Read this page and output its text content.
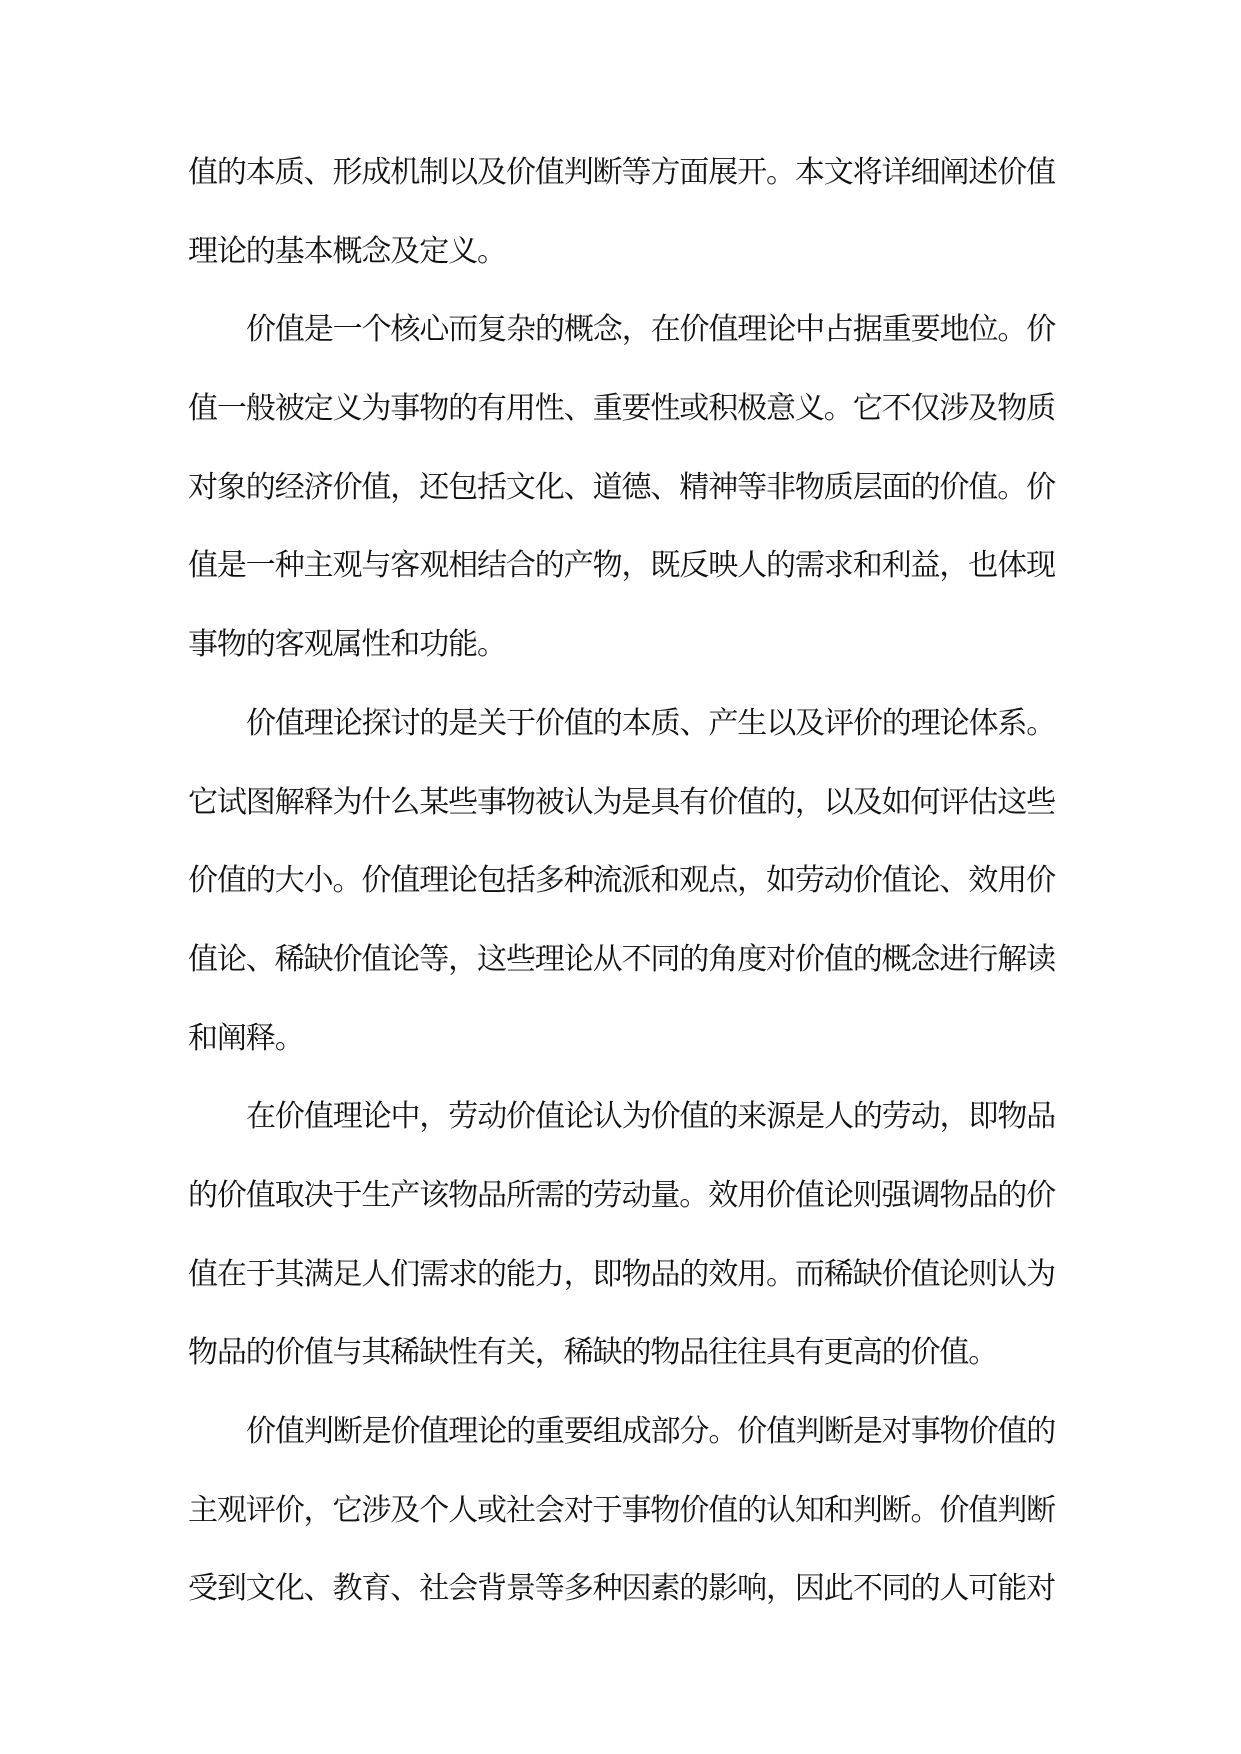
值的本质、形成机制以及价值判断等方面展开。本文将详细阐述价值
理论的基本概念及定义。
价值是一个核心而复杂的概念，在价值理论中占据重要地位。价
值一般被定义为事物的有用性、重要性或积极意义。它不仅涉及物质
对象的经济价值，还包括文化、道德、精神等非物质层面的价值。价
值是一种主观与客观相结合的产物，既反映人的需求和利益，也体现
事物的客观属性和功能。
价值理论探讨的是关于价值的本质、产生以及评价的理论体系。
它试图解释为什么某些事物被认为是具有价值的，以及如何评估这些
价值的大小。价值理论包括多种流派和观点，如劳动价值论、效用价
值论、稀缺价值论等，这些理论从不同的角度对价值的概念进行解读
和阐释。
在价值理论中，劳动价值论认为价值的来源是人的劳动，即物品
的价值取决于生产该物品所需的劳动量。效用价值论则强调物品的价
值在于其满足人们需求的能力，即物品的效用。而稀缺价值论则认为
物品的价值与其稀缺性有关，稀缺的物品往往具有更高的价值。
价值判断是价值理论的重要组成部分。价值判断是对事物价值的
主观评价，它涉及个人或社会对于事物价值的认知和判断。价值判断
受到文化、教育、社会背景等多种因素的影响，因此不同的人可能对
